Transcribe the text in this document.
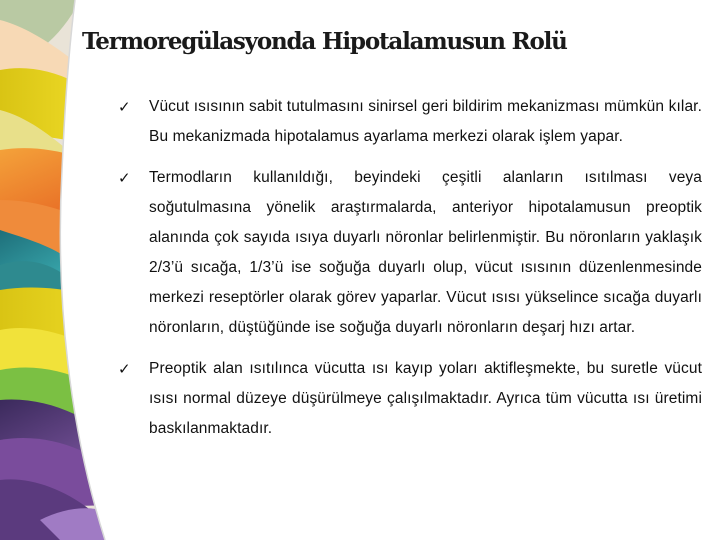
Termoregülasyonda Hipotalamusun Rolü
✓ Vücut ısısının sabit tutulmasını sinirsel geri bildirim mekanizması mümkün kılar. Bu mekanizmada hipotalamus ayarlama merkezi olarak işlem yapar.
✓ Termodların kullanıldığı, beyindeki çeşitli alanların ısıtılması veya soğutulmasına yönelik araştırmalarda, anteriyor hipotalamusun preoptik alanında çok sayıda ısıya duyarlı nöronlar belirlenmiştir. Bu nöronların yaklaşık 2/3’ü sıcağa, 1/3’ü ise soğuğa duyarlı olup, vücut ısısının düzenlenmesinde merkezi reseptörler olarak görev yaparlar. Vücut ısısı yükselince sıcağa duyarlı nöronların, düştüğünde ise soğuğa duyarlı nöronların deşarj hızı artar.
✓ Preoptik alan ısıtılınca vücutta ısı kayıp yoları aktifleşmekte, bu suretle vücut ısısı normal düzeye düşürülmeye çalışılmaktadır. Ayrıca tüm vücutta ısı üretimi baskılanmaktadır.
